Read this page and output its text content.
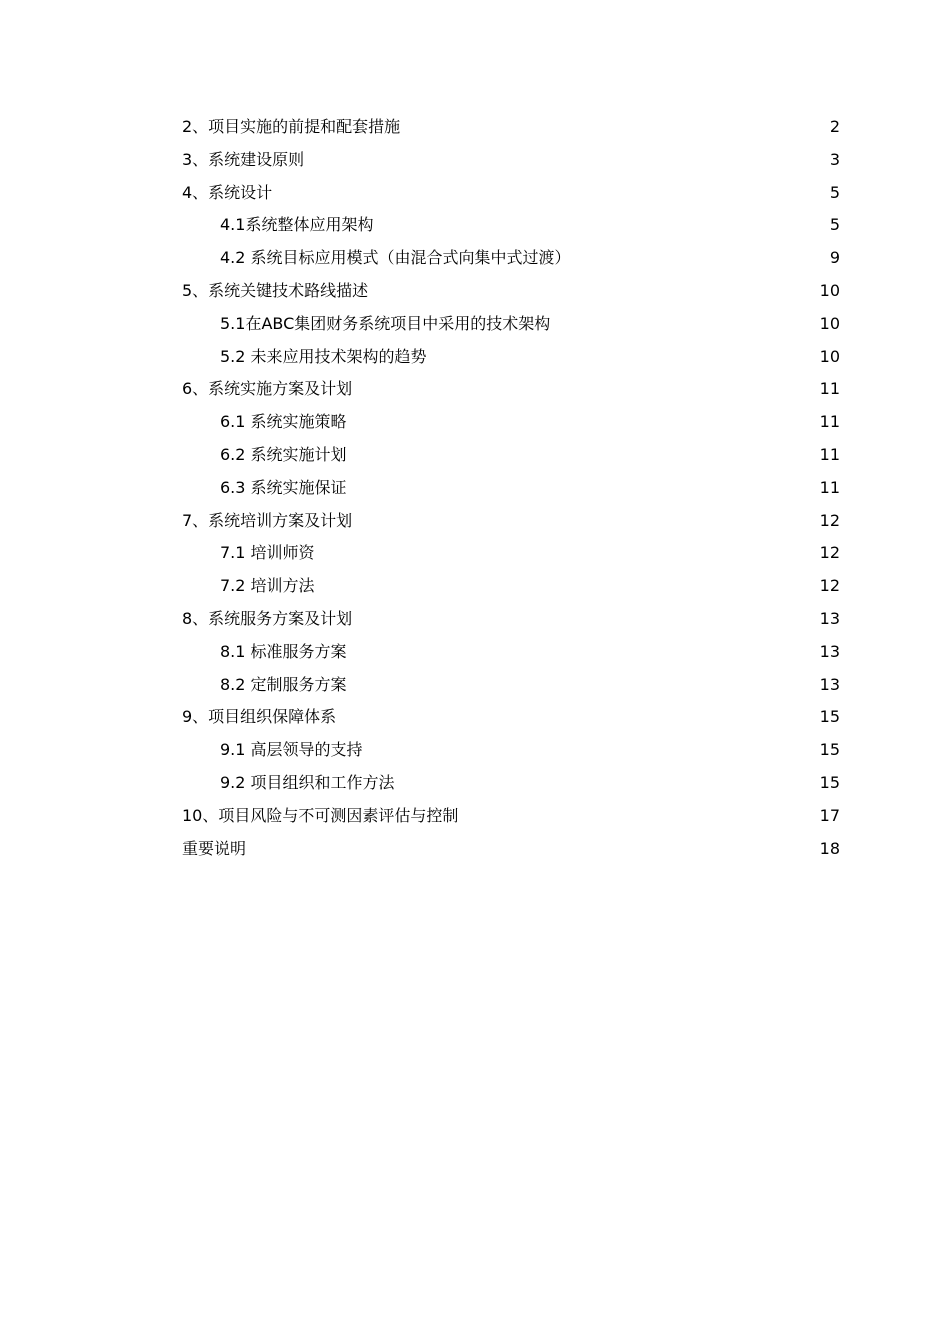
2、项目实施的前提和配套措施	2
3、系统建设原则	3
4、系统设计	5
4.1系统整体应用架构	5
4.2 系统目标应用模式（由混合式向集中式过渡）	9
5、系统关键技术路线描述	10
5.1在ABC集团财务系统项目中采用的技术架构	10
5.2 未来应用技术架构的趋势	10
6、系统实施方案及计划	11
6.1 系统实施策略	11
6.2 系统实施计划	11
6.3 系统实施保证	11
7、系统培训方案及计划	12
7.1 培训师资	12
7.2 培训方法	12
8、系统服务方案及计划	13
8.1 标准服务方案	13
8.2 定制服务方案	13
9、项目组织保障体系	15
9.1 高层领导的支持	15
9.2 项目组织和工作方法	15
10、项目风险与不可测因素评估与控制	17
重要说明	18
